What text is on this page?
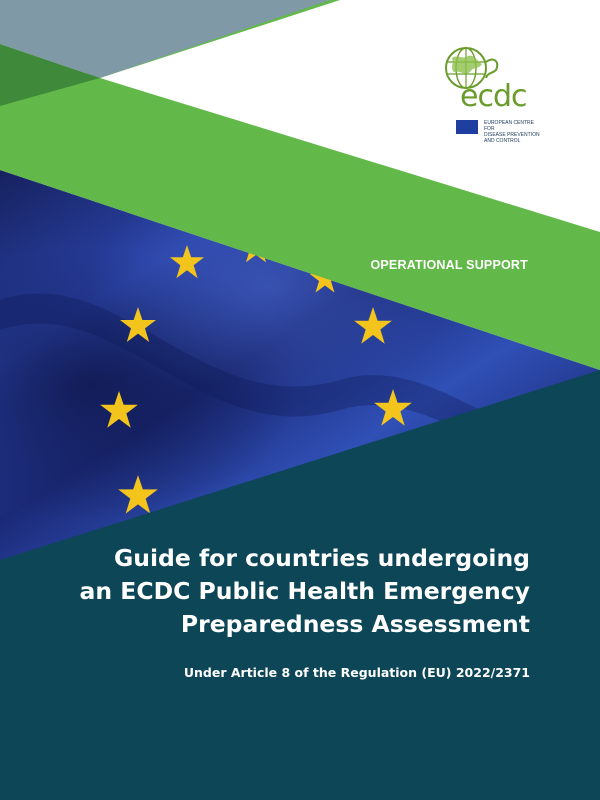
ecdc
EUROPEAN CENTRE FOR
DISEASE PREVENTION
AND CONTROL
OPERATIONAL SUPPORT
Guide for countries undergoing
an ECDC Public Health Emergency
Preparedness Assessment
Under Article 8 of the Regulation (EU) 2022/2371
